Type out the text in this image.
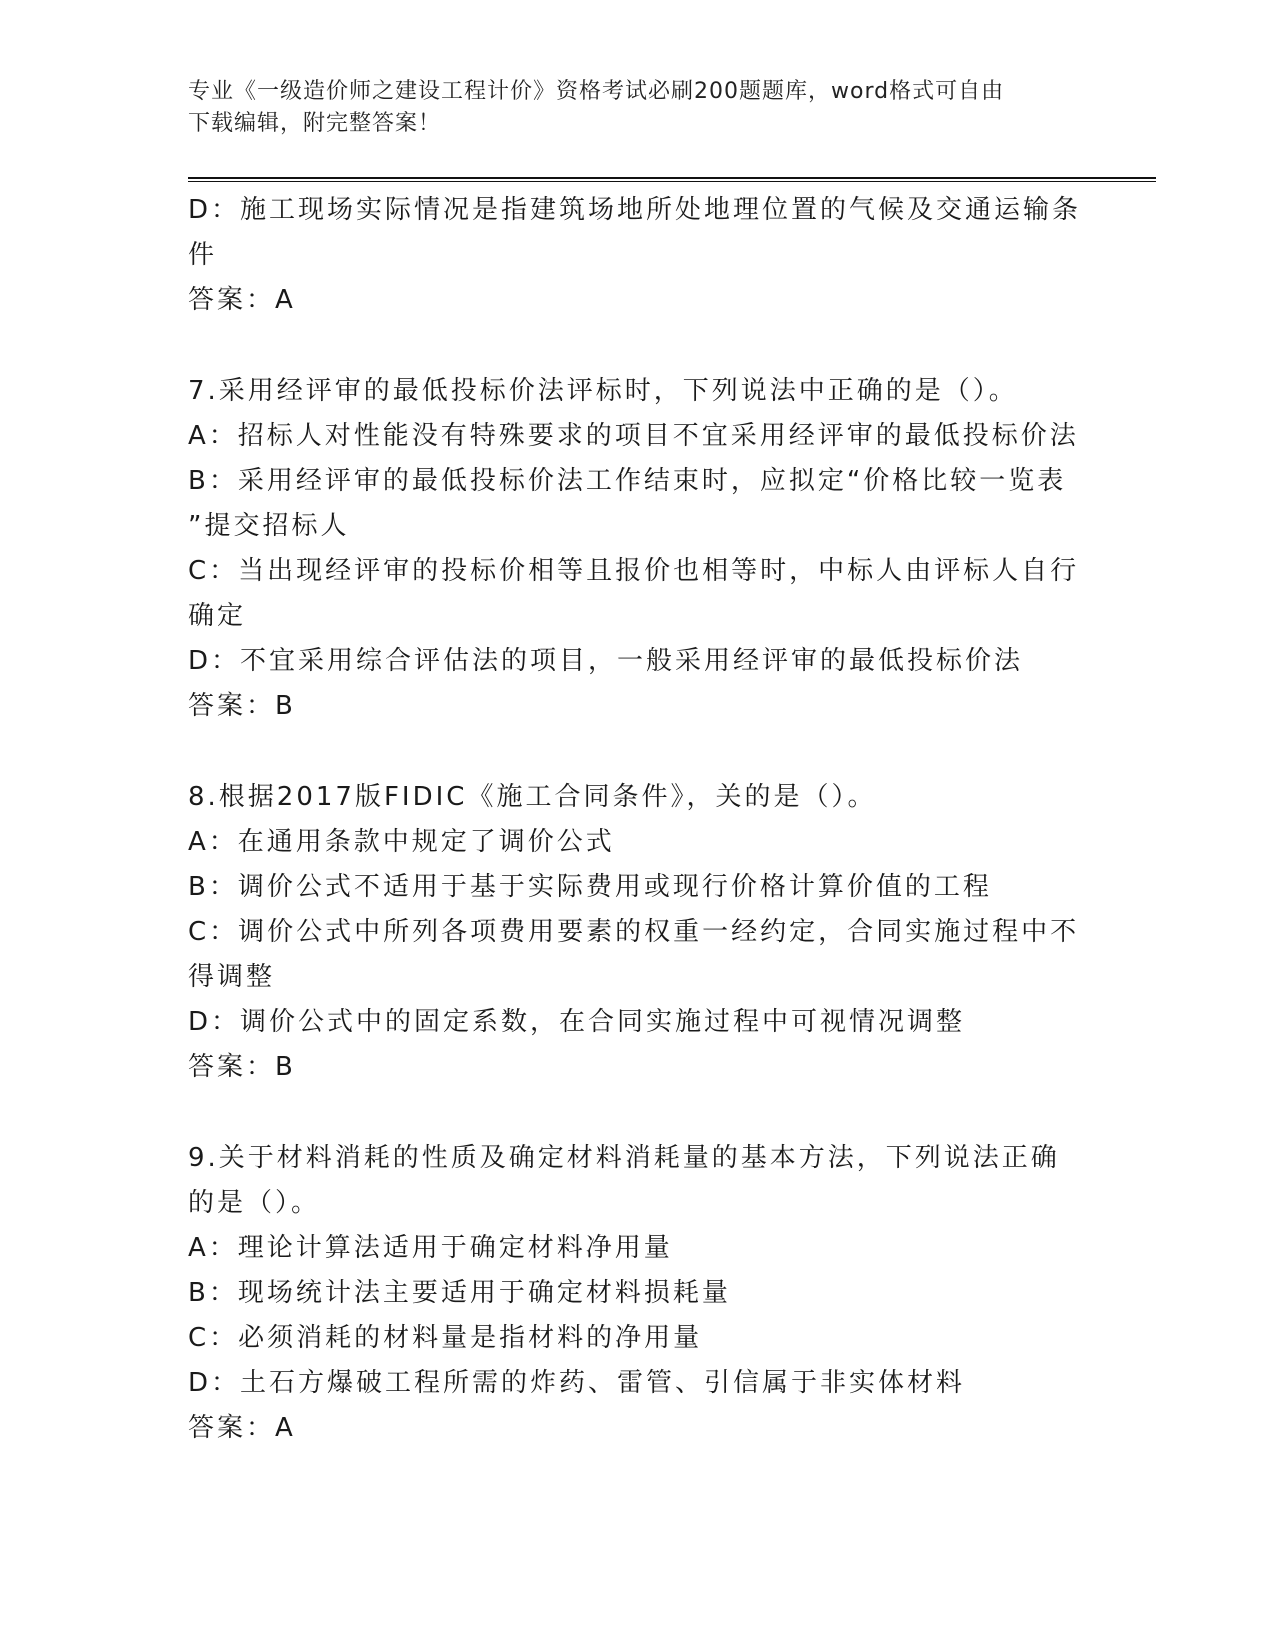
专业《一级造价师之建设工程计价》资格考试必刷200题题库，word格式可自由
下载编辑，附完整答案！

D：施工现场实际情况是指建筑场地所处地理位置的气候及交通运输条

件

答案：A

7.采用经评审的最低投标价法评标时，下列说法中正确的是（）。

A：招标人对性能没有特殊要求的项目不宜采用经评审的最低投标价法

B：采用经评审的最低投标价法工作结束时，应拟定“价格比较一览表

”提交招标人

C：当出现经评审的投标价相等且报价也相等时，中标人由评标人自行

确定

D：不宜采用综合评估法的项目，一般采用经评审的最低投标价法

答案：B

8.根据2017版FIDIC《施工合同条件》，关的是（）。

A：在通用条款中规定了调价公式

B：调价公式不适用于基于实际费用或现行价格计算价值的工程

C：调价公式中所列各项费用要素的权重一经约定，合同实施过程中不

得调整

D：调价公式中的固定系数，在合同实施过程中可视情况调整

答案：B

9.关于材料消耗的性质及确定材料消耗量的基本方法，下列说法正确

的是（）。

A：理论计算法适用于确定材料净用量

B：现场统计法主要适用于确定材料损耗量

C：必须消耗的材料量是指材料的净用量

D：土石方爆破工程所需的炸药、雷管、引信属于非实体材料

答案：A
